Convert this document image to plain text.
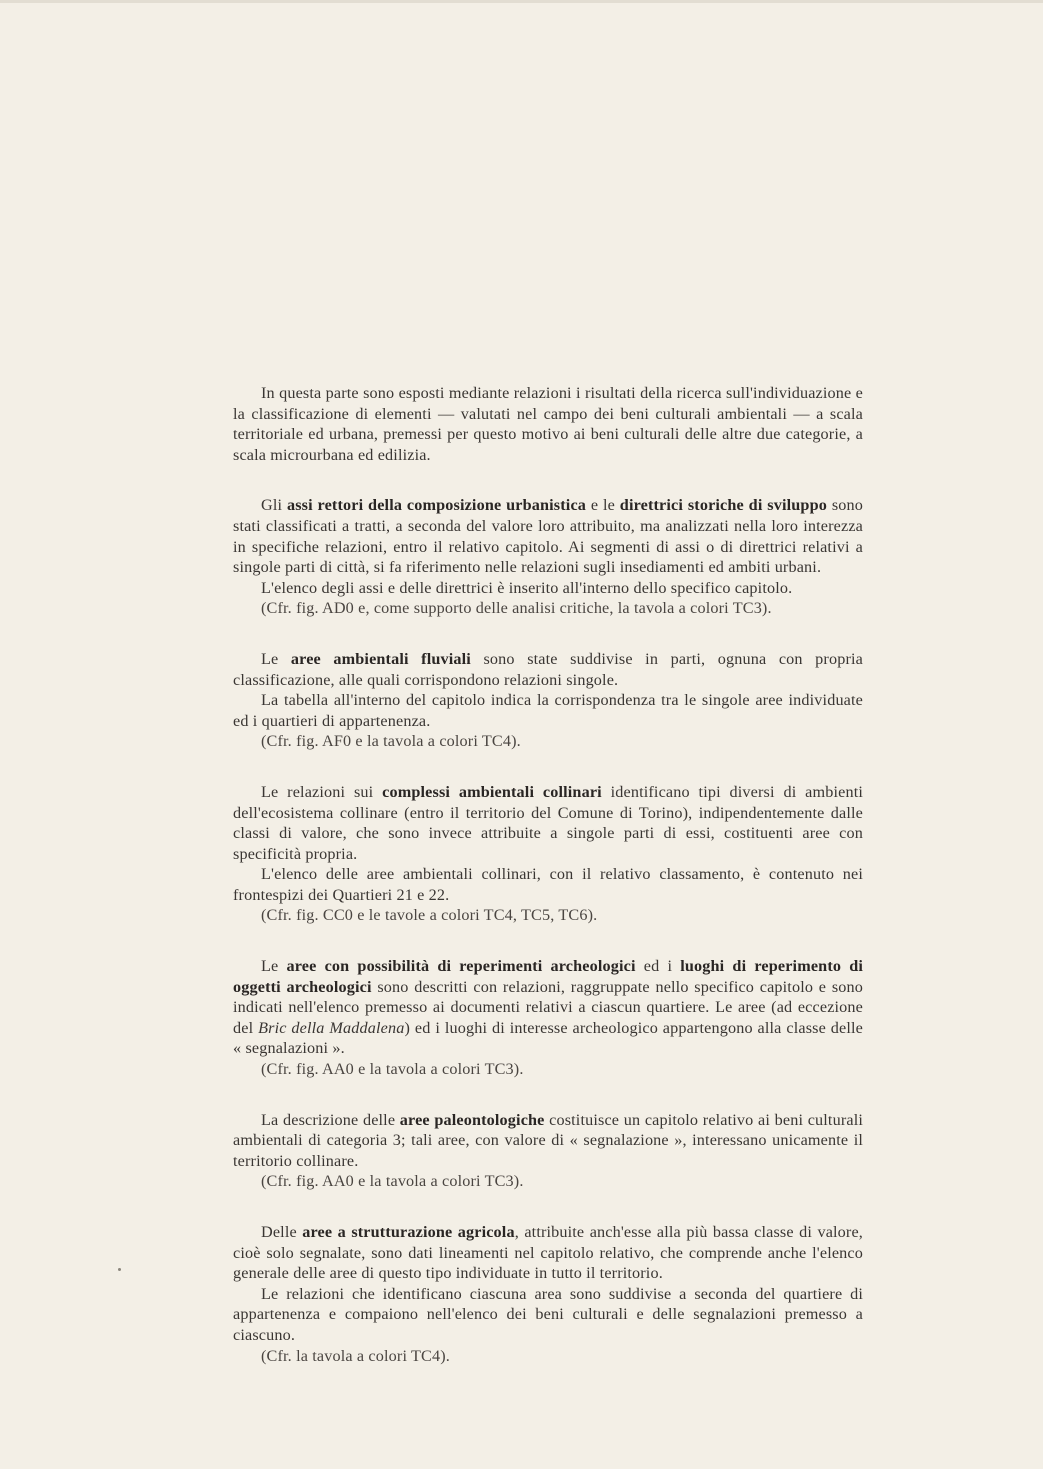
In questa parte sono esposti mediante relazioni i risultati della ricerca sull'individuazione e la classificazione di elementi — valutati nel campo dei beni culturali ambientali — a scala territoriale ed urbana, premessi per questo motivo ai beni culturali delle altre due categorie, a scala microurbana ed edilizia.

Gli assi rettori della composizione urbanistica e le direttrici storiche di sviluppo sono stati classificati a tratti, a seconda del valore loro attribuito, ma analizzati nella loro interezza in specifiche relazioni, entro il relativo capitolo. Ai segmenti di assi o di direttrici relativi a singole parti di città, si fa riferimento nelle relazioni sugli insediamenti ed ambiti urbani.

L'elenco degli assi e delle direttrici è inserito all'interno dello specifico capitolo.

(Cfr. fig. AD0 e, come supporto delle analisi critiche, la tavola a colori TC3).

Le aree ambientali fluviali sono state suddivise in parti, ognuna con propria classificazione, alle quali corrispondono relazioni singole.

La tabella all'interno del capitolo indica la corrispondenza tra le singole aree individuate ed i quartieri di appartenenza.

(Cfr. fig. AF0 e la tavola a colori TC4).

Le relazioni sui complessi ambientali collinari identificano tipi diversi di ambienti dell'ecosistema collinare (entro il territorio del Comune di Torino), indipendentemente dalle classi di valore, che sono invece attribuite a singole parti di essi, costituenti aree con specificità propria.

L'elenco delle aree ambientali collinari, con il relativo classamento, è contenuto nei frontespizi dei Quartieri 21 e 22.

(Cfr. fig. CC0 e le tavole a colori TC4, TC5, TC6).

Le aree con possibilità di reperimenti archeologici ed i luoghi di reperimento di oggetti archeologici sono descritti con relazioni, raggruppate nello specifico capitolo e sono indicati nell'elenco premesso ai documenti relativi a ciascun quartiere. Le aree (ad eccezione del Bric della Maddalena) ed i luoghi di interesse archeologico appartengono alla classe delle « segnalazioni ».

(Cfr. fig. AA0 e la tavola a colori TC3).

La descrizione delle aree paleontologiche costituisce un capitolo relativo ai beni culturali ambientali di categoria 3; tali aree, con valore di « segnalazione », interessano unicamente il territorio collinare.

(Cfr. fig. AA0 e la tavola a colori TC3).

Delle aree a strutturazione agricola, attribuite anch'esse alla più bassa classe di valore, cioè solo segnalate, sono dati lineamenti nel capitolo relativo, che comprende anche l'elenco generale delle aree di questo tipo individuate in tutto il territorio.

Le relazioni che identificano ciascuna area sono suddivise a seconda del quartiere di appartenenza e compaiono nell'elenco dei beni culturali e delle segnalazioni premesso a ciascuno.

(Cfr. la tavola a colori TC4).
